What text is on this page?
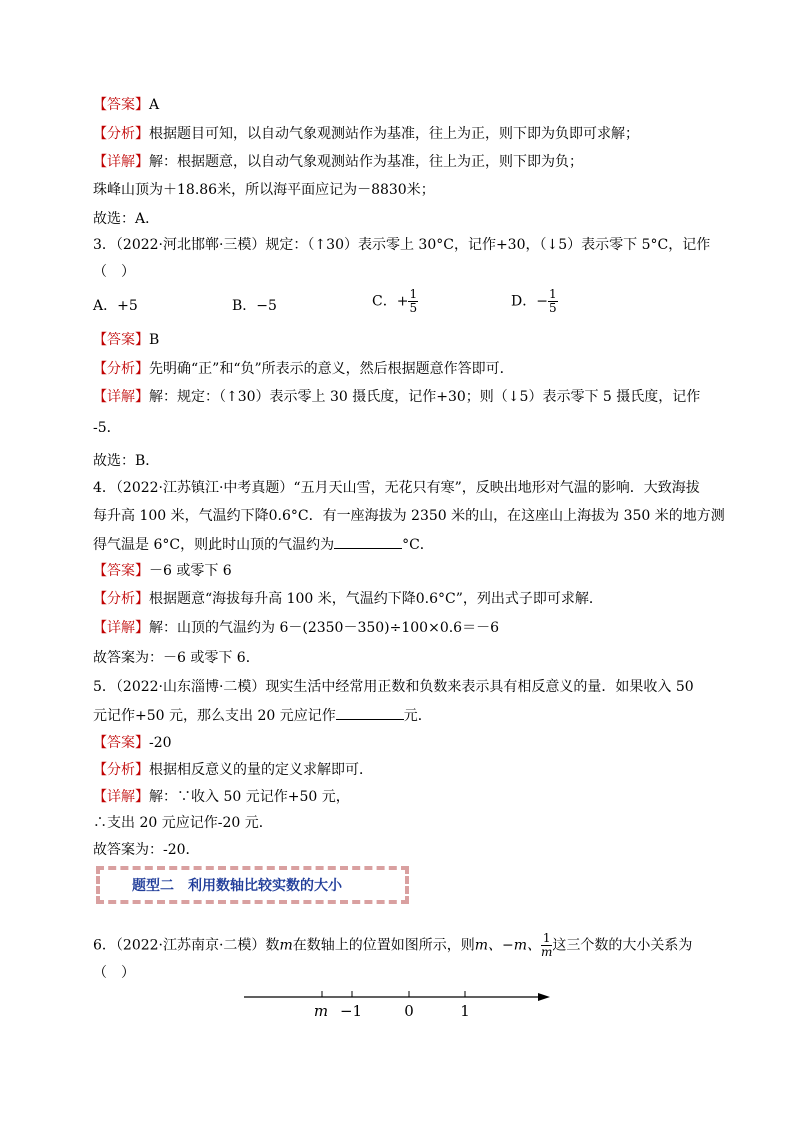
【答案】A
【分析】根据题目可知，以自动气象观测站作为基准，往上为正，则下即为负即可求解；
【详解】解：根据题意，以自动气象观测站作为基准，往上为正，则下即为负；
珠峰山顶为＋18.86米，所以海平面应记为－8830米；
故选：A．
3．（2022·河北邯郸·三模）规定：（↑30）表示零上 30°C，记作+30，（↓5）表示零下 5°C，记作
（　）
A．+5	B．−5	C．+ $\frac{1}{5}$	D．− $\frac{1}{5}$
【答案】B
【分析】先明确“正”和“负”所表示的意义，然后根据题意作答即可．
【详解】解：规定：（↑30）表示零上 30 摄氏度，记作+30；则（↓5）表示零下 5 摄氏度，记作
-5．
故选：B．
4．（2022·江苏镇江·中考真题）“五月天山雪，无花只有寒”，反映出地形对气温的影响．大致海拔
每升高 100 米，气温约下降0.6°C．有一座海拔为 2350 米的山，在这座山上海拔为 350 米的地方测
得气温是 6°C，则此时山顶的气温约为	°C．
【答案】－6 或零下 6
【分析】根据题意“海拔每升高 100 米，气温约下降0.6°C”，列出式子即可求解．
【详解】解：山顶的气温约为 6－(2350－350)÷100×0.6＝－6
故答案为：－6 或零下 6．
5．（2022·山东淄博·二模）现实生活中经常用正数和负数来表示具有相反意义的量．如果收入 50
元记作+50 元，那么支出 20 元应记作	元．
【答案】-20
【分析】根据相反意义的量的定义求解即可．
【详解】解：∵收入 50 元记作+50 元，
∴支出 20 元应记作-20 元．
故答案为：-20．
题型二　利用数轴比较实数的大小
6．（2022·江苏南京·二模）数m在数轴上的位置如图所示，则m、−m、 $\frac{1}{m}$ 这三个数的大小关系为
（　）
m −1	0	1
